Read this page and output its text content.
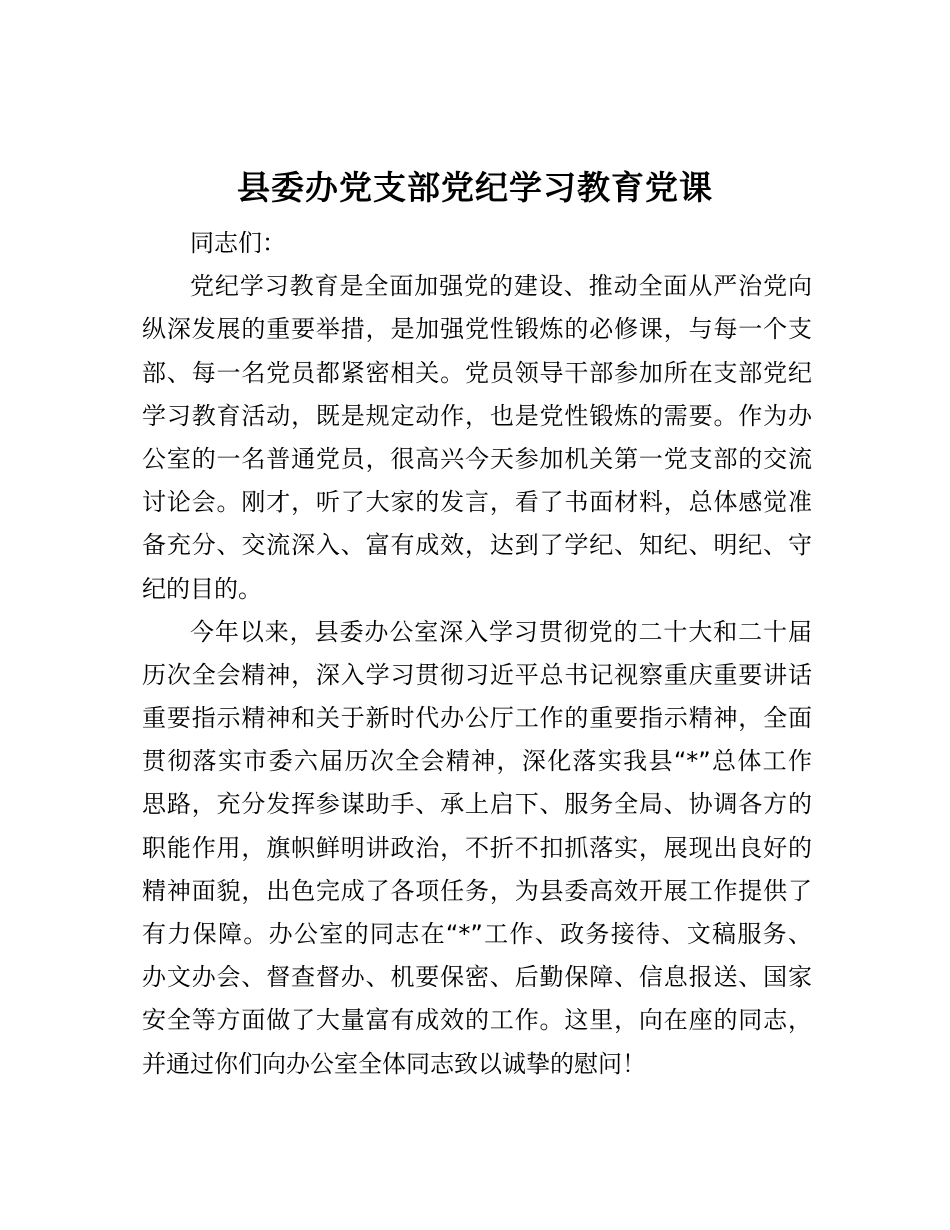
县委办党支部党纪学习教育党课
同志们：
党纪学习教育是全面加强党的建设、推动全面从严治党向
纵深发展的重要举措，是加强党性锻炼的必修课，与每一个支
部、每一名党员都紧密相关。党员领导干部参加所在支部党纪
学习教育活动，既是规定动作，也是党性锻炼的需要。作为办
公室的一名普通党员，很高兴今天参加机关第一党支部的交流
讨论会。刚才，听了大家的发言，看了书面材料，总体感觉准
备充分、交流深入、富有成效，达到了学纪、知纪、明纪、守
纪的目的。
今年以来，县委办公室深入学习贯彻党的二十大和二十届
历次全会精神，深入学习贯彻习近平总书记视察重庆重要讲话
重要指示精神和关于新时代办公厅工作的重要指示精神，全面
贯彻落实市委六届历次全会精神，深化落实我县“*”总体工作
思路，充分发挥参谋助手、承上启下、服务全局、协调各方的
职能作用，旗帜鲜明讲政治，不折不扣抓落实，展现出良好的
精神面貌，出色完成了各项任务，为县委高效开展工作提供了
有力保障。办公室的同志在“*”工作、政务接待、文稿服务、
办文办会、督查督办、机要保密、后勤保障、信息报送、国家
安全等方面做了大量富有成效的工作。这里，向在座的同志，
并通过你们向办公室全体同志致以诚挚的慰问！
